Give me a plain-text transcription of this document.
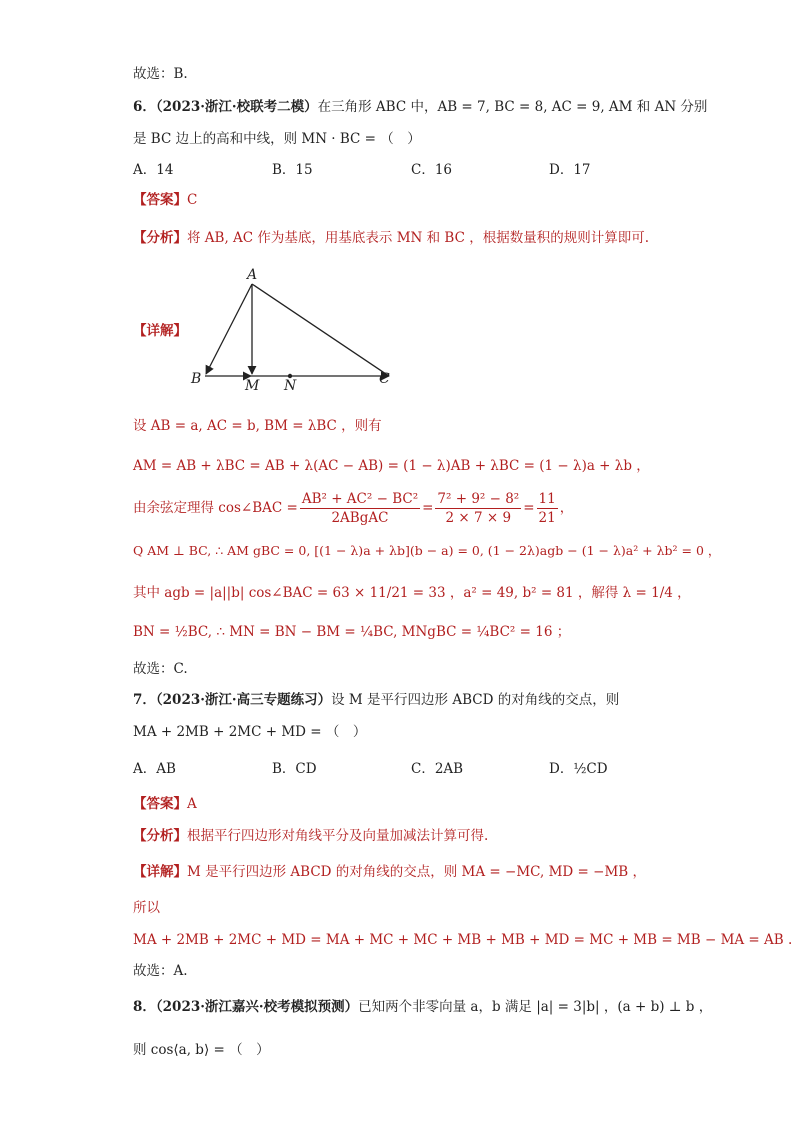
故选：B.
6．（2023·浙江·校联考二模）在三角形 ABC 中，AB = 7, BC = 8, AC = 9, AM 和 AN 分别
是 BC 边上的高和中线，则 MN · BC = （　）
A．14	B．15	C．16	D．17
【答案】C
【分析】将 AB, AC 作为基底，用基底表示 MN 和 BC ，根据数量积的规则计算即可.
【详解】
A
B	M N	C
设 AB = a, AC = b, BM = λBC ，则有
AM = AB + λBC = AB + λ(AC − AB) = (1 − λ)AB + λBC = (1 − λ)a + λb ，
由余弦定理得 cos∠BAC =
AB² + AC² − BC²
2ABgAC
= $\frac{\text{7² + 9² − 8²}}{2 \times 7 \times 9} = \frac{11}{21}$ ，
Q AM ⊥ BC, ∴ AM gBC = 0, [(1 − λ)a + λb](b − a) = 0, (1 − 2λ)agb − (1 − λ)a² + λb² = 0 ，
其中 agb = |a||b| cos∠BAC = 63 × 11/21 = 33 ，a² = 49, b² = 81 ，解得 λ = 1/4 ，
BN = ½BC, ∴ MN = BN − BM = ¼BC, MNgBC = ¼BC² = 16 ；
故选：C.
7．（2023·浙江·高三专题练习）设 M 是平行四边形 ABCD 的对角线的交点，则
MA + 2MB + 2MC + MD = （　）
A．AB	B．CD	C．2AB	D．½CD
【答案】A
【分析】根据平行四边形对角线平分及向量加减法计算可得.
【详解】M 是平行四边形 ABCD 的对角线的交点，则 MA = −MC, MD = −MB ，
所以
MA + 2MB + 2MC + MD = MA + MC + MC + MB + MB + MD = MC + MB = MB − MA = AB .
故选：A.
8．（2023·浙江嘉兴·校考模拟预测）已知两个非零向量 a，b 满足 |a| = 3|b| ，(a + b) ⊥ b ，
则 cos⟨a, b⟩ = （　）
